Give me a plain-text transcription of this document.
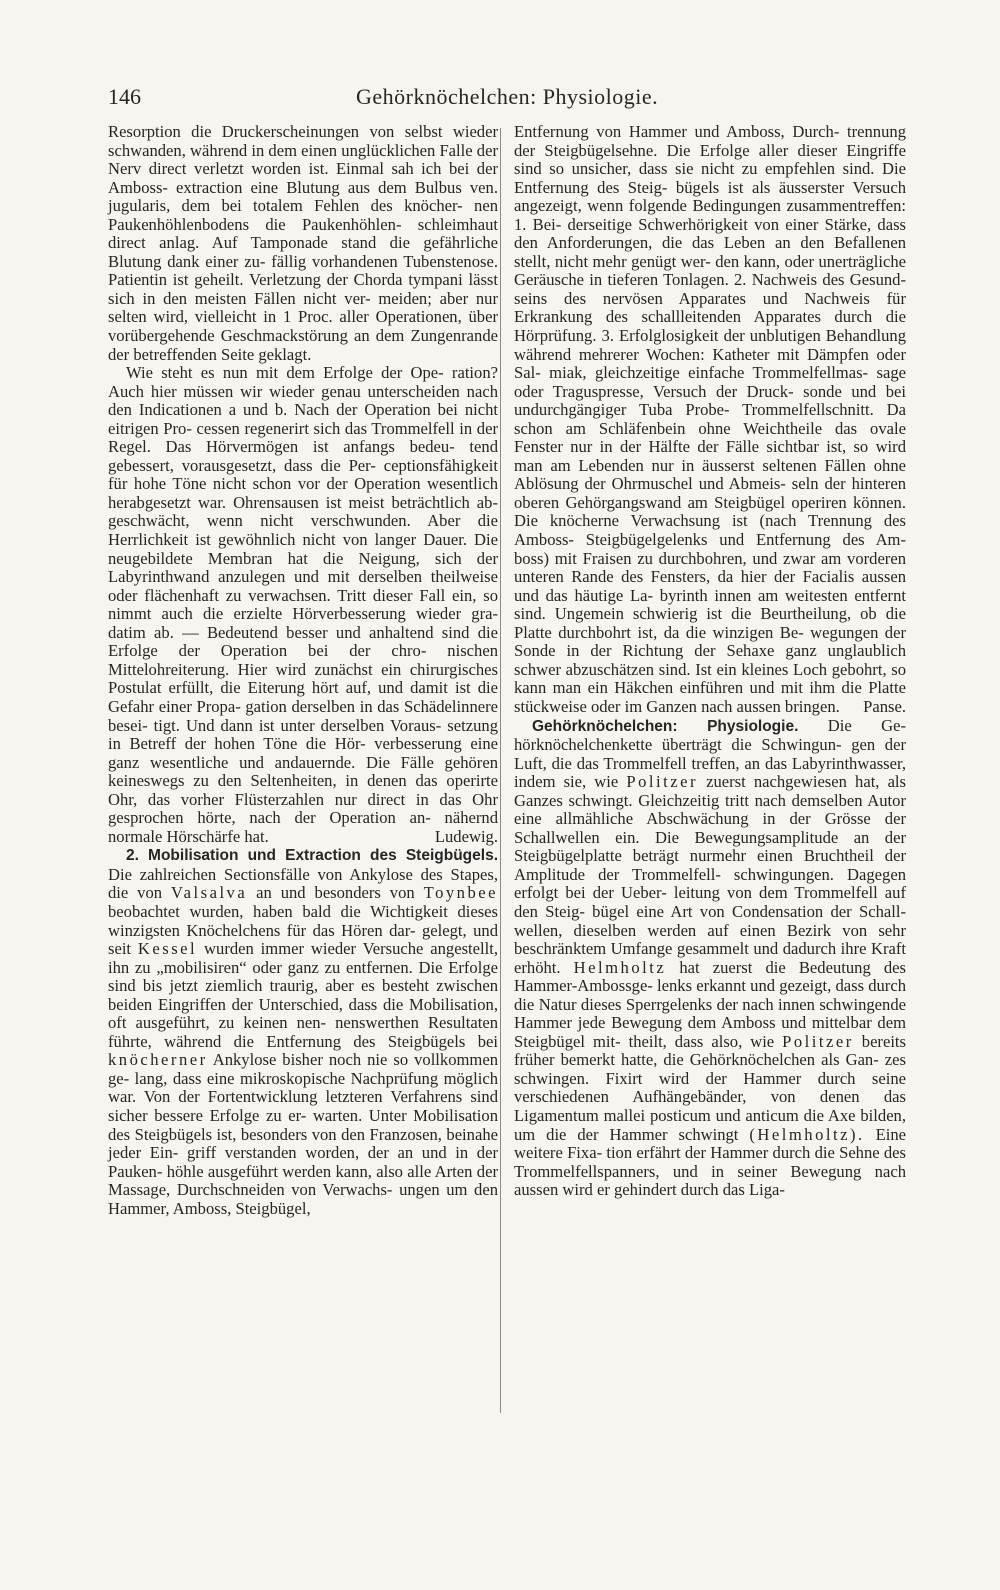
146	Gehörknöchelchen: Physiologie.

Resorption die Druckerscheinungen von selbst wieder schwanden, während in dem einen unglücklichen Falle der Nerv direct verletzt worden ist. Einmal sah ich bei der Amboss- extraction eine Blutung aus dem Bulbus ven. jugularis, dem bei totalem Fehlen des knöcher- nen Paukenhöhlenbodens die Paukenhöhlen- schleimhaut direct anlag. Auf Tamponade stand die gefährliche Blutung dank einer zu- fällig vorhandenen Tubenstenose. Patientin ist geheilt. Verletzung der Chorda tympani lässt sich in den meisten Fällen nicht ver- meiden; aber nur selten wird, vielleicht in 1 Proc. aller Operationen, über vorübergehende Geschmackstörung an dem Zungenrande der betreffenden Seite geklagt.

Wie steht es nun mit dem Erfolge der Ope- ration? Auch hier müssen wir wieder genau unterscheiden nach den Indicationen a und b. Nach der Operation bei nicht eitrigen Pro- cessen regenerirt sich das Trommelfell in der Regel. Das Hörvermögen ist anfangs bedeu- tend gebessert, vorausgesetzt, dass die Per- ceptionsfähigkeit für hohe Töne nicht schon vor der Operation wesentlich herabgesetzt war. Ohrensausen ist meist beträchtlich ab- geschwächt, wenn nicht verschwunden. Aber die Herrlichkeit ist gewöhnlich nicht von langer Dauer. Die neugebildete Membran hat die Neigung, sich der Labyrinthwand anzulegen und mit derselben theilweise oder flächenhaft zu verwachsen. Tritt dieser Fall ein, so nimmt auch die erzielte Hörverbesserung wieder gra- datim ab. — Bedeutend besser und anhaltend sind die Erfolge der Operation bei der chro- nischen Mittelohreiterung. Hier wird zunächst ein chirurgisches Postulat erfüllt, die Eiterung hört auf, und damit ist die Gefahr einer Propa- gation derselben in das Schädelinnere besei- tigt. Und dann ist unter derselben Voraus- setzung in Betreff der hohen Töne die Hör- verbesserung eine ganz wesentliche und andauernde. Die Fälle gehören keineswegs zu den Seltenheiten, in denen das operirte Ohr, das vorher Flüsterzahlen nur direct in das Ohr gesprochen hörte, nach der Operation an- nähernd normale Hörschärfe hat.	Ludewig.

2. Mobilisation und Extraction des Steigbügels. Die zahlreichen Sectionsfälle von Ankylose des Stapes, die von Valsalva an und besonders von Toynbee beobachtet wurden, haben bald die Wichtigkeit dieses winzigsten Knöchelchens für das Hören dar- gelegt, und seit Kessel wurden immer wieder Versuche angestellt, ihn zu „mobilisiren“ oder ganz zu entfernen. Die Erfolge sind bis jetzt ziemlich traurig, aber es besteht zwischen beiden Eingriffen der Unterschied, dass die Mobilisation, oft ausgeführt, zu keinen nen- nenswerthen Resultaten führte, während die Entfernung des Steigbügels bei knöcherner Ankylose bisher noch nie so vollkommen ge- lang, dass eine mikroskopische Nachprüfung möglich war. Von der Fortentwicklung letzteren Verfahrens sind sicher bessere Erfolge zu er- warten. Unter Mobilisation des Steigbügels ist, besonders von den Franzosen, beinahe jeder Ein- griff verstanden worden, der an und in der Pauken- höhle ausgeführt werden kann, also alle Arten der Massage, Durchschneiden von Verwachs- ungen um den Hammer, Amboss, Steigbügel,

Entfernung von Hammer und Amboss, Durch- trennung der Steigbügelsehne. Die Erfolge aller dieser Eingriffe sind so unsicher, dass sie nicht zu empfehlen sind. Die Entfernung des Steig- bügels ist als äusserster Versuch angezeigt, wenn folgende Bedingungen zusammentreffen: 1. Bei- derseitige Schwerhörigkeit von einer Stärke, dass den Anforderungen, die das Leben an den Befallenen stellt, nicht mehr genügt wer- den kann, oder unerträgliche Geräusche in tieferen Tonlagen. 2. Nachweis des Gesund- seins des nervösen Apparates und Nachweis für Erkrankung des schallleitenden Apparates durch die Hörprüfung. 3. Erfolglosigkeit der unblutigen Behandlung während mehrerer Wochen: Katheter mit Dämpfen oder Sal- miak, gleichzeitige einfache Trommelfellmas- sage oder Traguspresse, Versuch der Druck- sonde und bei undurchgängiger Tuba Probe- Trommelfellschnitt. Da schon am Schläfenbein ohne Weichtheile das ovale Fenster nur in der Hälfte der Fälle sichtbar ist, so wird man am Lebenden nur in äusserst seltenen Fällen ohne Ablösung der Ohrmuschel und Abmeis- seln der hinteren oberen Gehörgangswand am Steigbügel operiren können. Die knöcherne Verwachsung ist (nach Trennung des Amboss- Steigbügelgelenks und Entfernung des Am- boss) mit Fraisen zu durchbohren, und zwar am vorderen unteren Rande des Fensters, da hier der Facialis aussen und das häutige La- byrinth innen am weitesten entfernt sind. Ungemein schwierig ist die Beurtheilung, ob die Platte durchbohrt ist, da die winzigen Be- wegungen der Sonde in der Richtung der Sehaxe ganz unglaublich schwer abzuschätzen sind. Ist ein kleines Loch gebohrt, so kann man ein Häkchen einführen und mit ihm die Platte stückweise oder im Ganzen nach aussen bringen. Panse.

Gehörknöchelchen: Physiologie. Die Ge- hörknöchelchenkette überträgt die Schwingun- gen der Luft, die das Trommelfell treffen, an das Labyrinthwasser, indem sie, wie Politzer zuerst nachgewiesen hat, als Ganzes schwingt. Gleichzeitig tritt nach demselben Autor eine allmähliche Abschwächung in der Grösse der Schallwellen ein. Die Bewegungsamplitude an der Steigbügelplatte beträgt nurmehr einen Bruchtheil der Amplitude der Trommelfell- schwingungen. Dagegen erfolgt bei der Ueber- leitung von dem Trommelfell auf den Steig- bügel eine Art von Condensation der Schall- wellen, dieselben werden auf einen Bezirk von sehr beschränktem Umfange gesammelt und dadurch ihre Kraft erhöht. Helmholtz hat zuerst die Bedeutung des Hammer-Ambossge- lenks erkannt und gezeigt, dass durch die Natur dieses Sperrgelenks der nach innen schwingende Hammer jede Bewegung dem Amboss und mittelbar dem Steigbügel mit- theilt, dass also, wie Politzer bereits früher bemerkt hatte, die Gehörknöchelchen als Gan- zes schwingen. Fixirt wird der Hammer durch seine verschiedenen Aufhängebänder, von denen das Ligamentum mallei posticum und anticum die Axe bilden, um die der Hammer schwingt (Helmholtz). Eine weitere Fixa- tion erfährt der Hammer durch die Sehne des Trommelfellspanners, und in seiner Bewegung nach aussen wird er gehindert durch das Liga-
